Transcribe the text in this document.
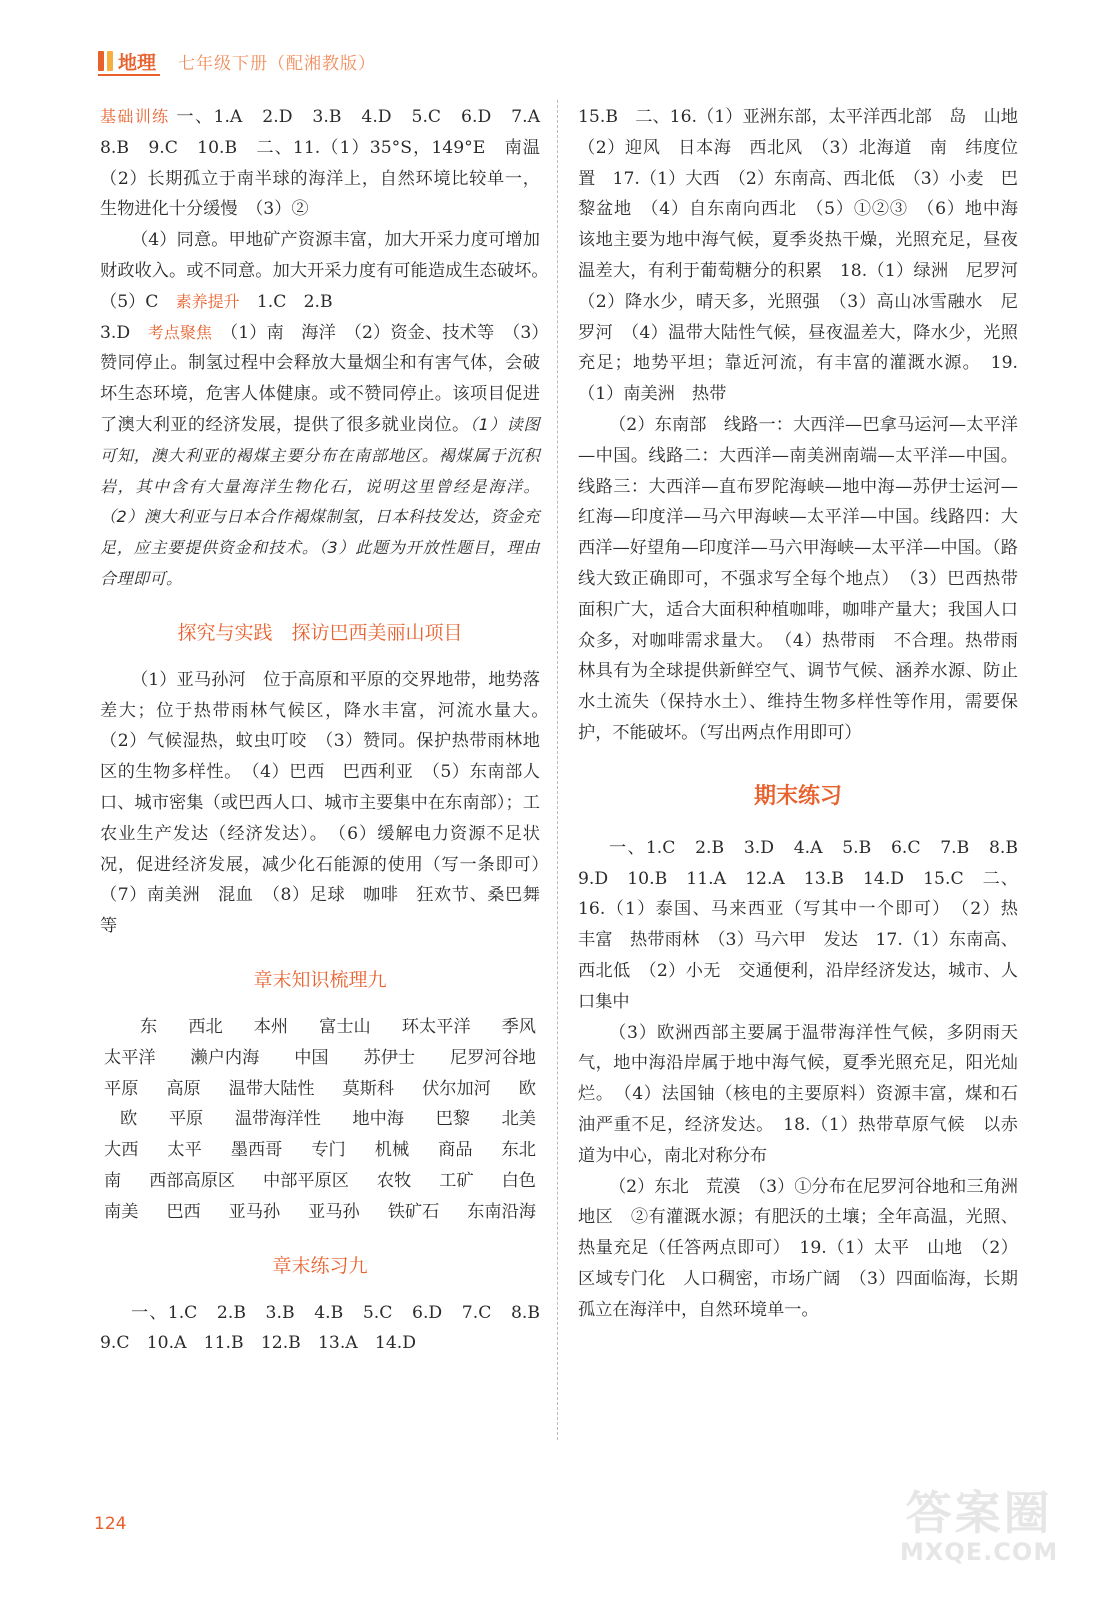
地理 七年级下册（配湘教版）

基础训练 一、1.A　2.D　3.B　4.D　5.C　6.D　7.A　8.B　9.C　10.B　二、11.（1）35°S，149°E　南温　（2）长期孤立于南半球的海洋上，自然环境比较单一，生物进化十分缓慢　（3）②

（4）同意。甲地矿产资源丰富，加大开采力度可增加财政收入。或不同意。加大开采力度有可能造成生态破坏。　（5）C　素养提升　1.C　2.B

3.D　考点聚焦　（1）南　海洋　（2）资金、技术等　（3）赞同停止。制氢过程中会释放大量烟尘和有害气体，会破坏生态环境，危害人体健康。或不赞同停止。该项目促进了澳大利亚的经济发展，提供了很多就业岗位。（1）读图可知，澳大利亚的褐煤主要分布在南部地区。褐煤属于沉积岩，其中含有大量海洋生物化石，说明这里曾经是海洋。（2）澳大利亚与日本合作褐煤制氢，日本科技发达，资金充足，应主要提供资金和技术。（3）此题为开放性题目，理由合理即可。

探究与实践　探访巴西美丽山项目

（1）亚马孙河　位于高原和平原的交界地带，地势落差大；位于热带雨林气候区，降水丰富，河流水量大。　（2）气候湿热，蚊虫叮咬　（3）赞同。保护热带雨林地区的生物多样性。　（4）巴西　巴西利亚　（5）东南部人口、城市密集（或巴西人口、城市主要集中在东南部）；工农业生产发达（经济发达）。　（6）缓解电力资源不足状况，促进经济发展，减少化石能源的使用（写一条即可）　（7）南美洲　混血　（8）足球　咖啡　狂欢节、桑巴舞等

章末知识梳理九
东 西北 本州 富士山 环太平洋 季风
太平洋 濑户内海 中国 苏伊士 尼罗河谷地
平原 高原 温带大陆性 莫斯科 伏尔加河 欧
欧 平原 温带海洋性 地中海 巴黎 北美
大西 太平 墨西哥 专门 机械 商品 东北
南 西部高原区 中部平原区 农牧 工矿 白色
南美 巴西 亚马孙 亚马孙 铁矿石 东南沿海
章末练习九

一、1.C　2.B　3.B　4.B　5.C　6.D　7.C　8.B　9.C　10.A　11.B　12.B　13.A　14.D

15.B　二、16.（1）亚洲东部，太平洋西北部　岛　山地　（2）迎风　日本海　西北风　（3）北海道　南　纬度位置　17.（1）大西　（2）东南高、西北低　（3）小麦　巴黎盆地　（4）自东南向西北　（5）①②③　（6）地中海　该地主要为地中海气候，夏季炎热干燥，光照充足，昼夜温差大，有利于葡萄糖分的积累　18.（1）绿洲　尼罗河　（2）降水少，晴天多，光照强　（3）高山冰雪融水　尼罗河　（4）温带大陆性气候，昼夜温差大，降水少，光照充足；地势平坦；靠近河流，有丰富的灌溉水源。　19.（1）南美洲　热带

（2）东南部　线路一：大西洋—巴拿马运河—太平洋—中国。线路二：大西洋—南美洲南端—太平洋—中国。线路三：大西洋—直布罗陀海峡—地中海—苏伊士运河—红海—印度洋—马六甲海峡—太平洋—中国。线路四：大西洋—好望角—印度洋—马六甲海峡—太平洋—中国。（路线大致正确即可，不强求写全每个地点）　（3）巴西热带面积广大，适合大面积种植咖啡，咖啡产量大；我国人口众多，对咖啡需求量大。　（4）热带雨　不合理。热带雨林具有为全球提供新鲜空气、调节气候、涵养水源、防止水土流失（保持水土）、维持生物多样性等作用，需要保护，不能破坏。（写出两点作用即可）

期末练习

一、1.C　2.B　3.D　4.A　5.B　6.C　7.B　8.B　9.D　10.B　11.A　12.A　13.B　14.D　15.C　二、16.（1）泰国、马来西亚（写其中一个即可）　（2）热　丰富　热带雨林　（3）马六甲　发达　17.（1）东南高、西北低　（2）小无　交通便利，沿岸经济发达，城市、人口集中

（3）欧洲西部主要属于温带海洋性气候，多阴雨天气，地中海沿岸属于地中海气候，夏季光照充足，阳光灿烂。　（4）法国铀（核电的主要原料）资源丰富，煤和石油严重不足，经济发达。　18.（1）热带草原气候　以赤道为中心，南北对称分布

（2）东北　荒漠　（3）①分布在尼罗河谷地和三角洲地区　②有灌溉水源；有肥沃的土壤；全年高温，光照、热量充足（任答两点即可）　19.（1）太平　山地　（2）区域专门化　人口稠密，市场广阔　（3）四面临海，长期孤立在海洋中，自然环境单一。

124	答案圈
MXQE.COM
